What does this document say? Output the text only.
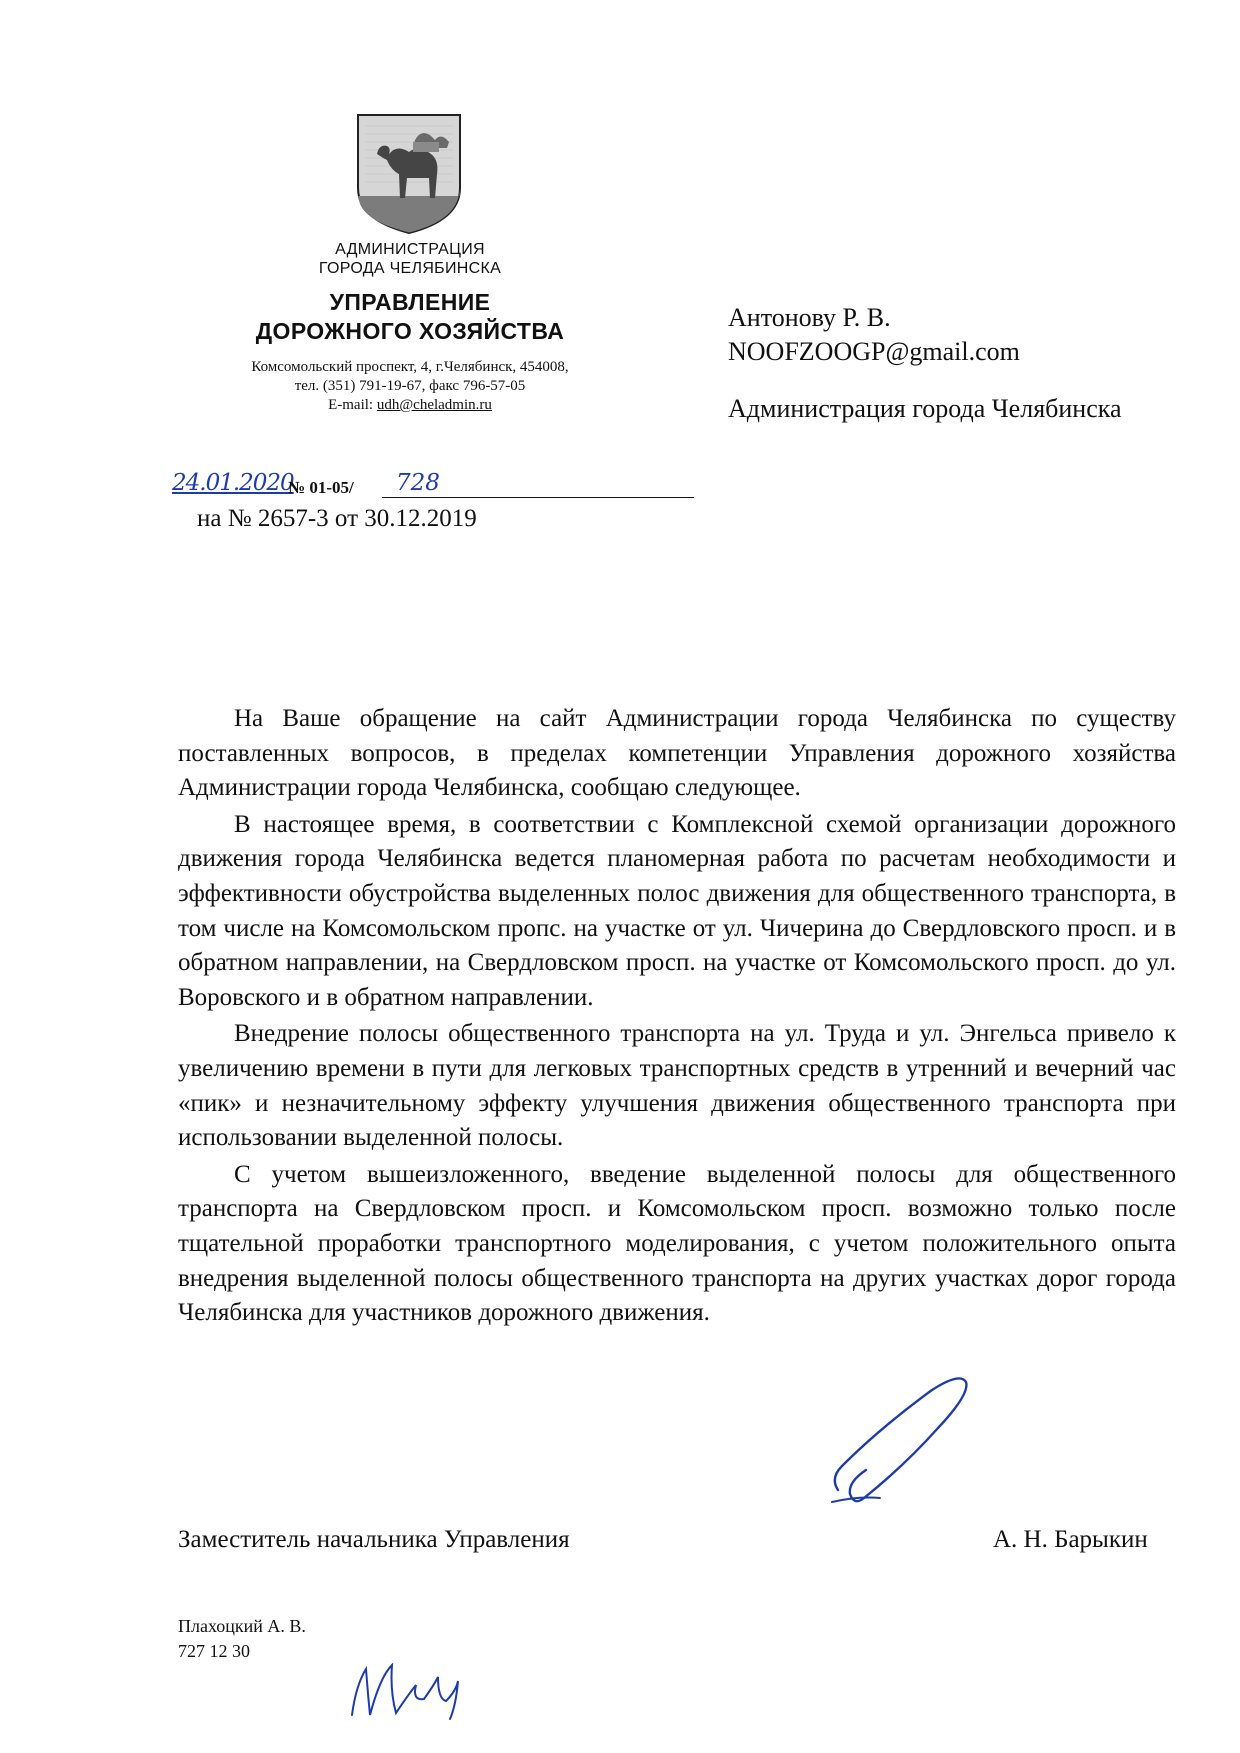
АДМИНИСТРАЦИЯ
ГОРОДА ЧЕЛЯБИНСКА
УПРАВЛЕНИЕ
ДОРОЖНОГО ХОЗЯЙСТВА
Комсомольский проспект, 4, г.Челябинск, 454008,
тел. (351) 791-19-67, факс 796-57-05
E-mail: udh@cheladmin.ru
Антонову Р. В.
NOOFZOOGP@gmail.com
Администрация города Челябинска
24.01.2020
№ 01-05/ 728
на № 2657-3 от 30.12.2019

На Ваше обращение на сайт Администрации города Челябинска по существу поставленных вопросов, в пределах компетенции Управления дорожного хозяйства Администрации города Челябинска, сообщаю следующее.

В настоящее время, в соответствии с Комплексной схемой организации дорожного движения города Челябинска ведется планомерная работа по расчетам необходимости и эффективности обустройства выделенных полос движения для общественного транспорта, в том числе на Комсомольском пропс. на участке от ул. Чичерина до Свердловского просп. и в обратном направлении, на Свердловском просп. на участке от Комсомольского просп. до ул. Воровского и в обратном направлении.

Внедрение полосы общественного транспорта на ул. Труда и ул. Энгельса привело к увеличению времени в пути для легковых транспортных средств в утренний и вечерний час «пик» и незначительному эффекту улучшения движения общественного транспорта при использовании выделенной полосы.

С учетом вышеизложенного, введение выделенной полосы для общественного транспорта на Свердловском просп. и Комсомольском просп. возможно только после тщательной проработки транспортного моделирования, с учетом положительного опыта внедрения выделенной полосы общественного транспорта на других участках дорог города Челябинска для участников дорожного движения.

Заместитель начальника Управления	А. Н. Барыкин
Плахоцкий А. В.
727 12 30
